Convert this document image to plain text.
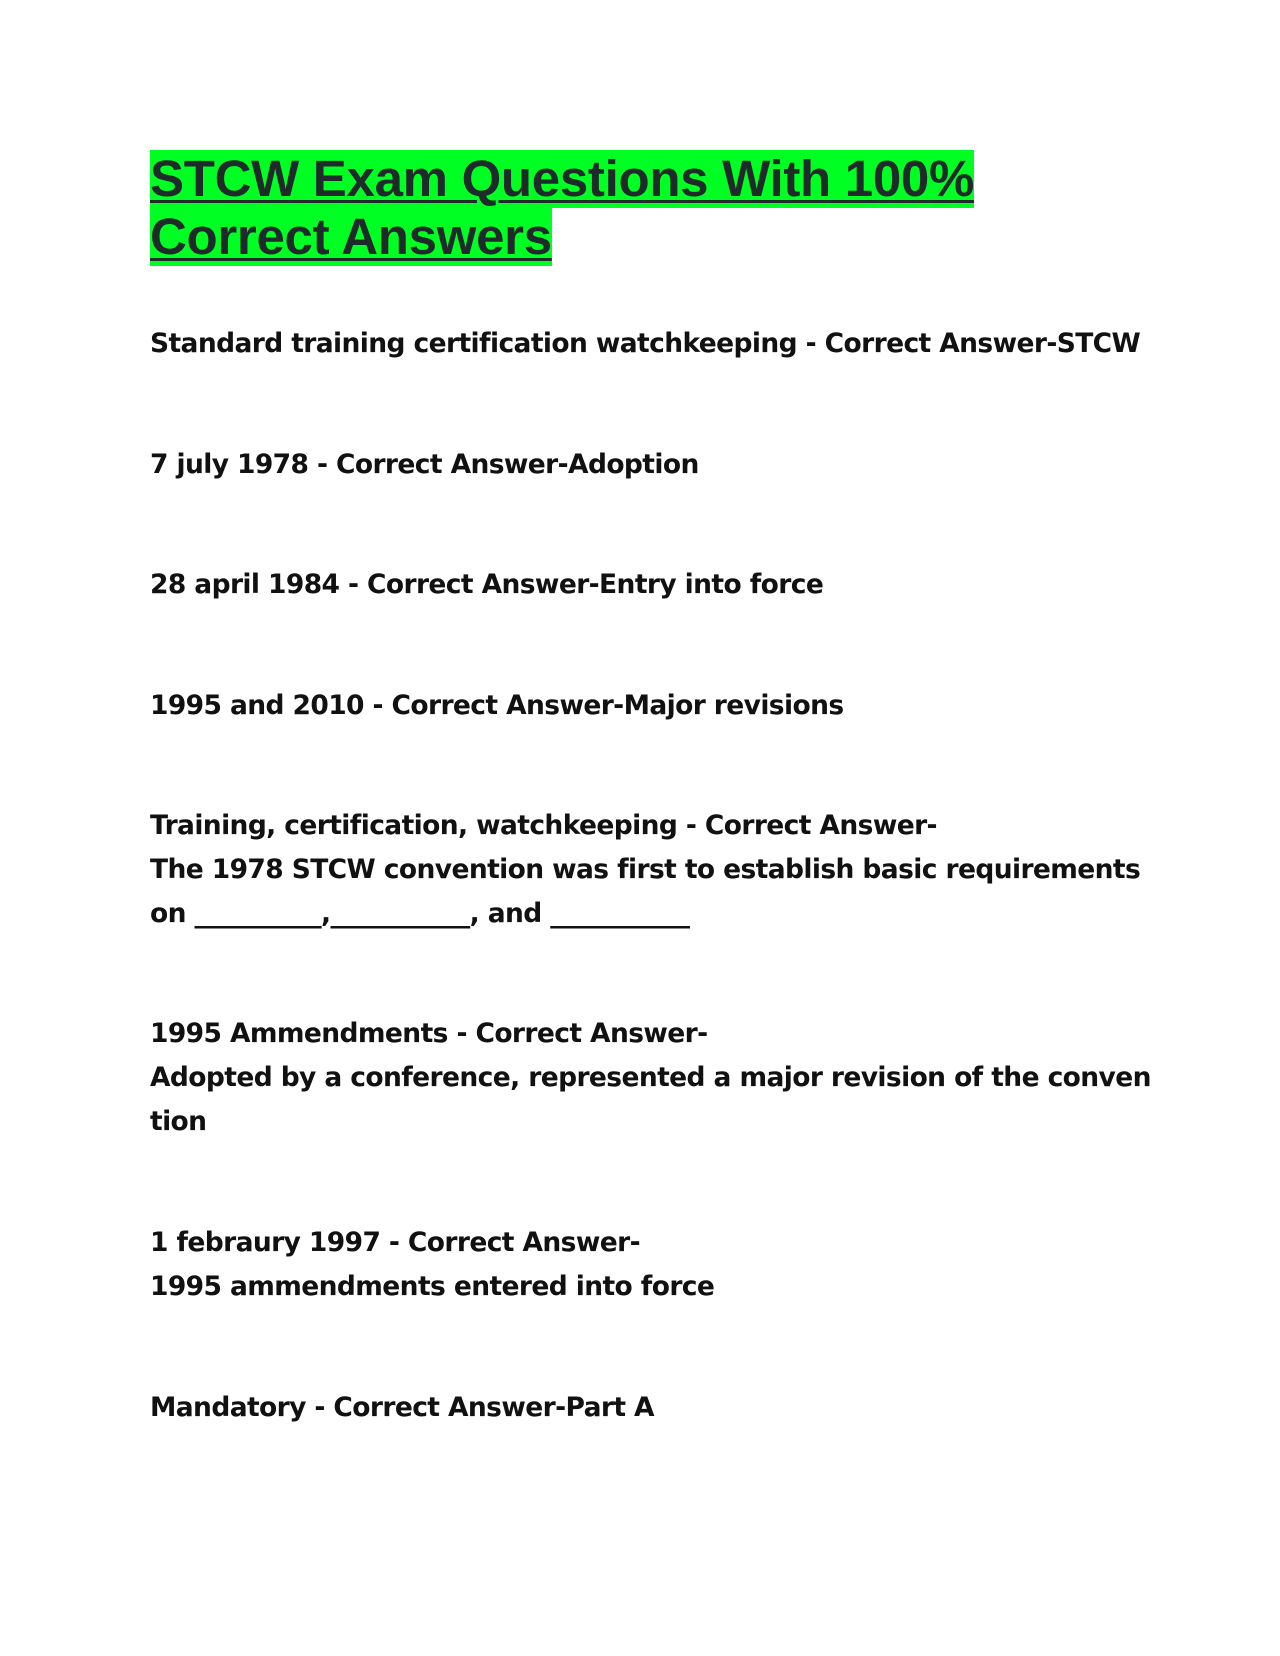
STCW Exam Questions With 100%
Correct Answers
Standard training certification watchkeeping - Correct Answer-STCW
7 july 1978 - Correct Answer-Adoption
28 april 1984 - Correct Answer-Entry into force
1995 and 2010 - Correct Answer-Major revisions
Training, certification, watchkeeping - Correct Answer-
The 1978 STCW convention was first to establish basic requirements
on __________,___________, and ___________
1995 Ammendments - Correct Answer-
Adopted by a conference, represented a major revision of the conven
tion
1 febraury 1997 - Correct Answer-
1995 ammendments entered into force
Mandatory - Correct Answer-Part A
